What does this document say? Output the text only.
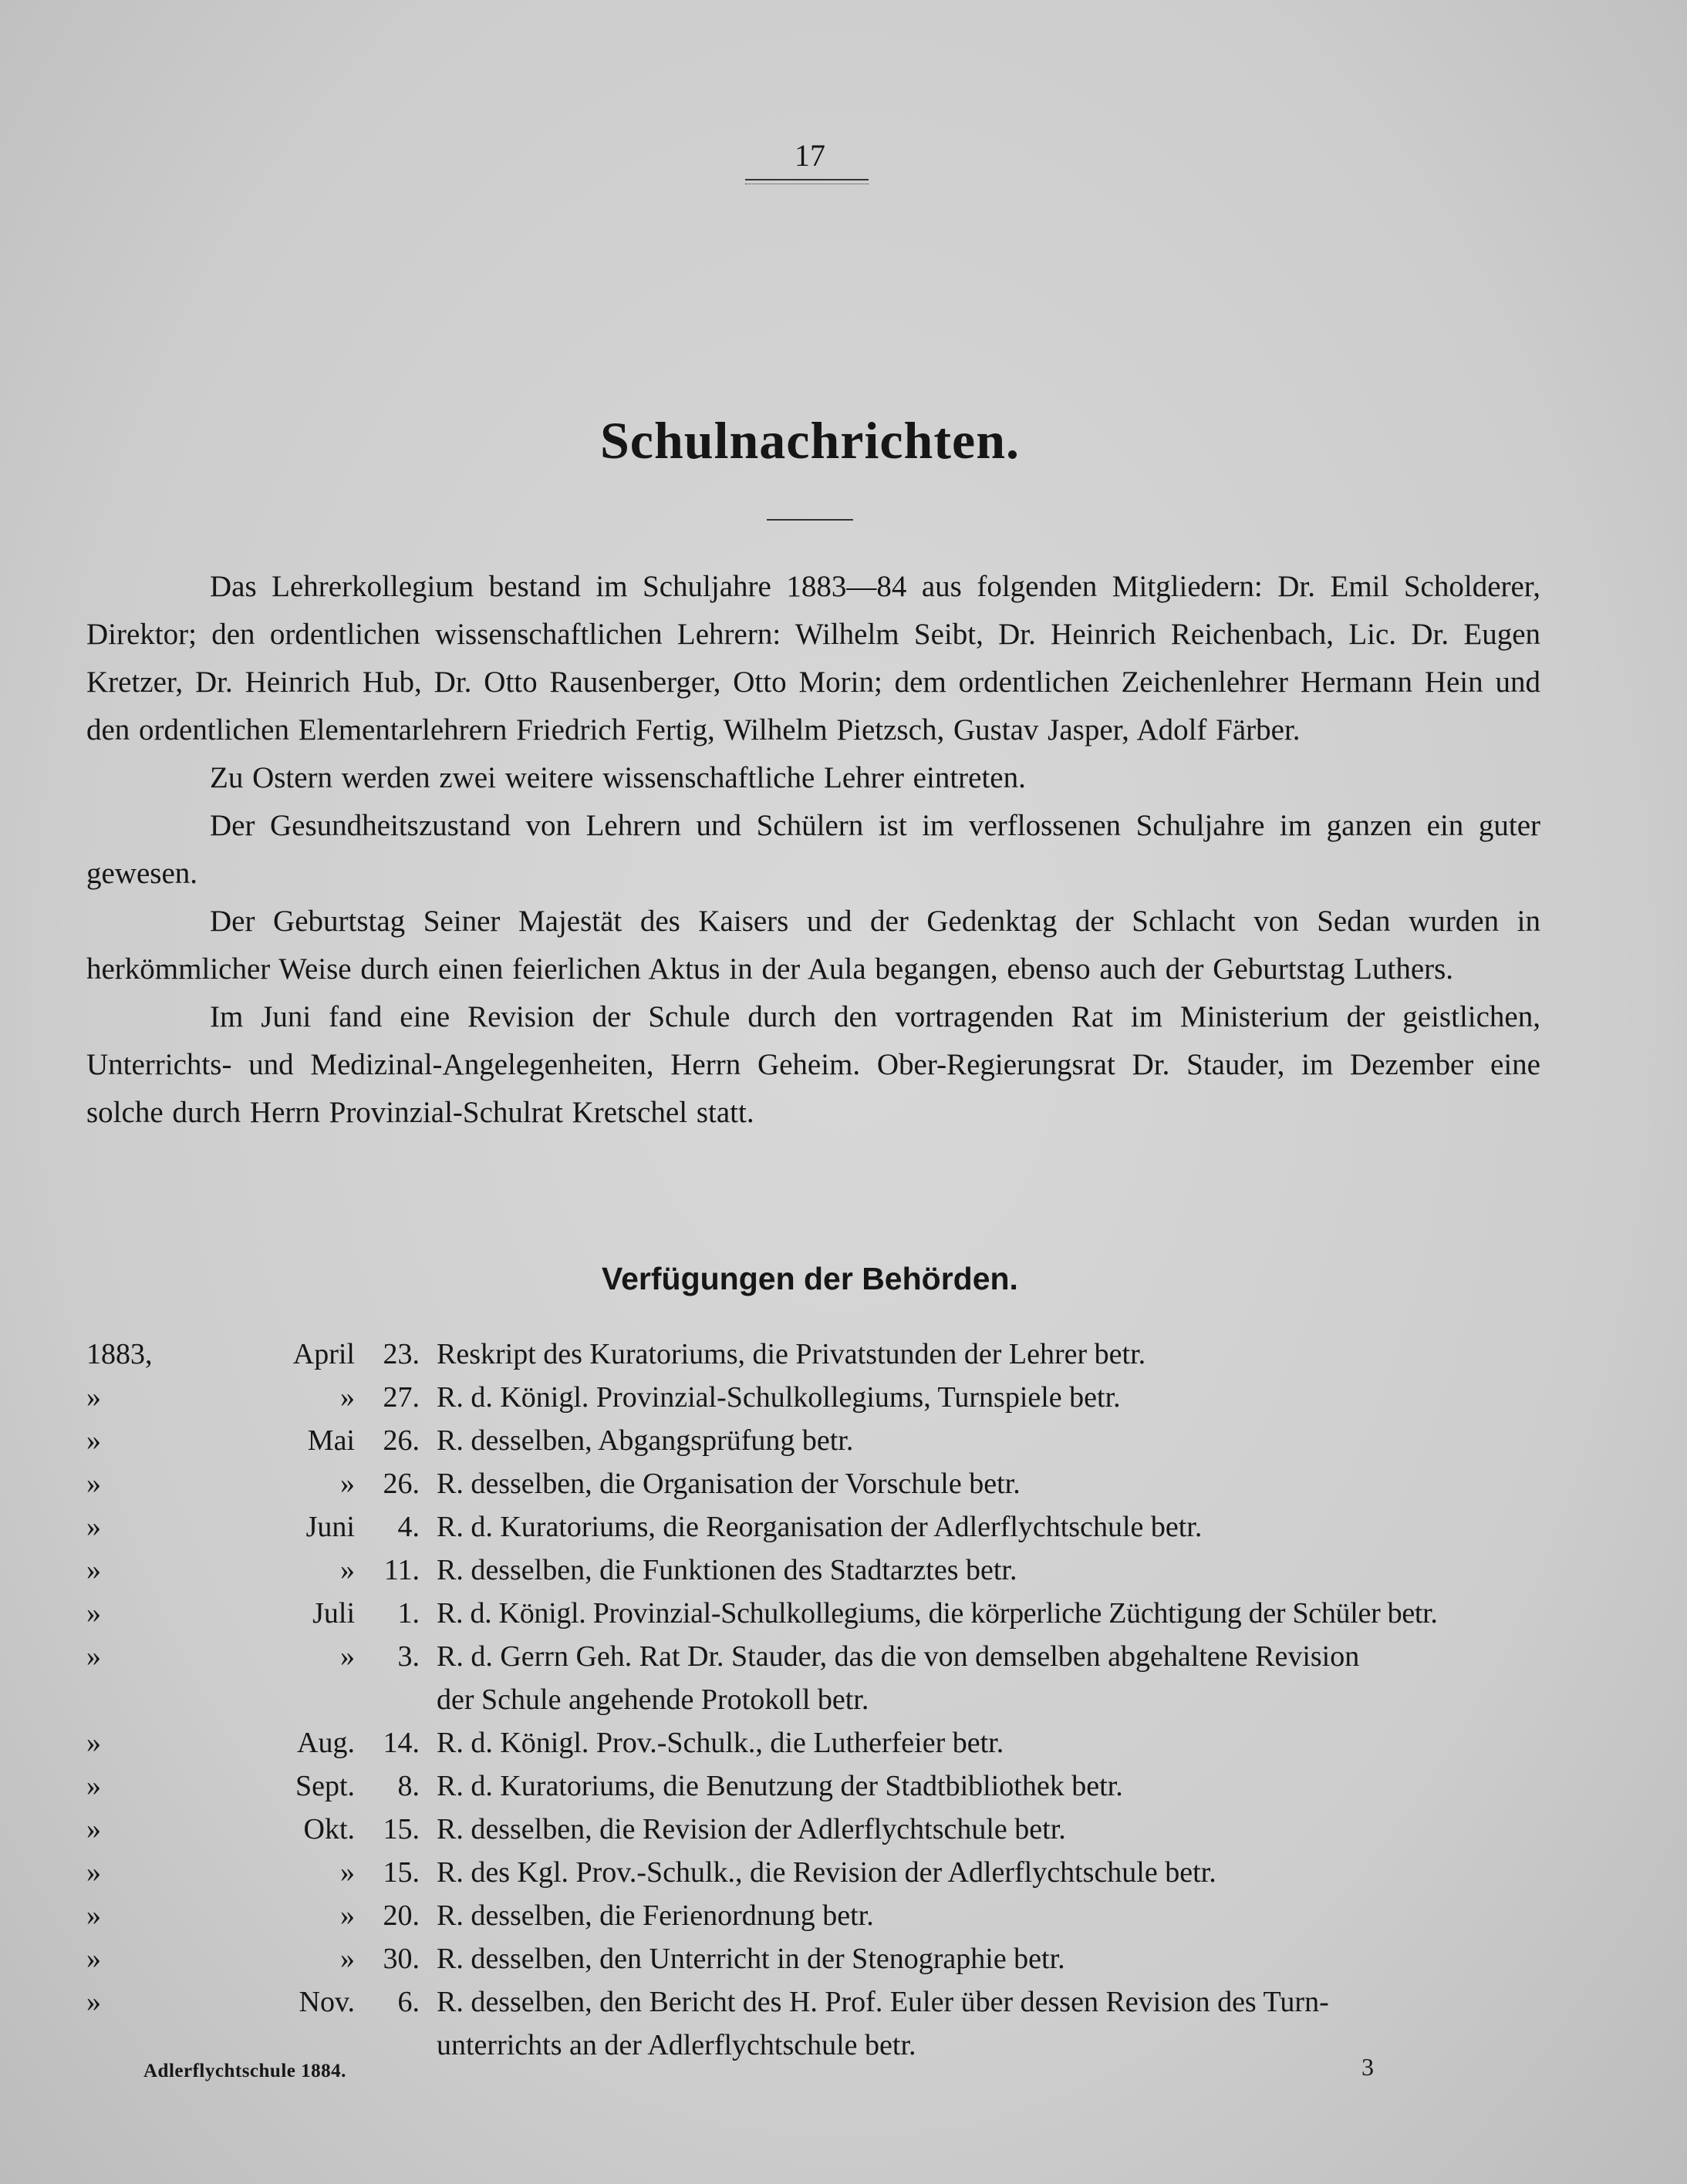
17
Schulnachrichten.

Das Lehrerkollegium bestand im Schuljahre 1883—84 aus folgenden Mitgliedern: Dr. Emil Scholderer, Direktor; den ordentlichen wissenschaftlichen Lehrern: Wilhelm Seibt, Dr. Heinrich Reichenbach, Lic. Dr. Eugen Kretzer, Dr. Heinrich Hub, Dr. Otto Rausenberger, Otto Morin; dem ordentlichen Zeichenlehrer Hermann Hein und den ordentlichen Elementarlehrern Friedrich Fertig, Wilhelm Pietzsch, Gustav Jasper, Adolf Färber.

Zu Ostern werden zwei weitere wissenschaftliche Lehrer eintreten.

Der Gesundheitszustand von Lehrern und Schülern ist im verflossenen Schuljahre im ganzen ein guter gewesen.

Der Geburtstag Seiner Majestät des Kaisers und der Gedenktag der Schlacht von Sedan wurden in herkömmlicher Weise durch einen feierlichen Aktus in der Aula begangen, ebenso auch der Geburtstag Luthers.

Im Juni fand eine Revision der Schule durch den vortragenden Rat im Ministerium der geistlichen, Unterrichts- und Medizinal-Angelegenheiten, Herrn Geheim. Ober-Regierungsrat Dr. Stauder, im Dezember eine solche durch Herrn Provinzial-Schulrat Kretschel statt.

Verfügungen der Behörden.
1883,	April 23. Reskript des Kuratoriums, die Privatstunden der Lehrer betr.
»	» 27. R. d. Königl. Provinzial-Schulkollegiums, Turnspiele betr.
»	Mai 26. R. desselben, Abgangsprüfung betr.
»	» 26. R. desselben, die Organisation der Vorschule betr.
»	Juni	4. R. d. Kuratoriums, die Reorganisation der Adlerflychtschule betr.
»	» 11. R. desselben, die Funktionen des Stadtarztes betr.
»	Juli	1. R. d. Königl. Provinzial-Schulkollegiums, die körperliche Züchtigung der Schüler betr.
»	»	3. R. d. Gerrn Geh. Rat Dr. Stauder, das die von demselben abgehaltene Revision
der Schule angehende Protokoll betr.
»	Aug. 14. R. d. Königl. Prov.-Schulk., die Lutherfeier betr.
»	Sept.	8. R. d. Kuratoriums, die Benutzung der Stadtbibliothek betr.
»	Okt. 15. R. desselben, die Revision der Adlerflychtschule betr.
»	» 15. R. des Kgl. Prov.-Schulk., die Revision der Adlerflychtschule betr.
»	» 20. R. desselben, die Ferienordnung betr.
»	» 30. R. desselben, den Unterricht in der Stenographie betr.
»	Nov.	6. R. desselben, den Bericht des H. Prof. Euler über dessen Revision des Turn-
unterrichts an der Adlerflychtschule betr.
Adlerflychtschule 1884.	3
